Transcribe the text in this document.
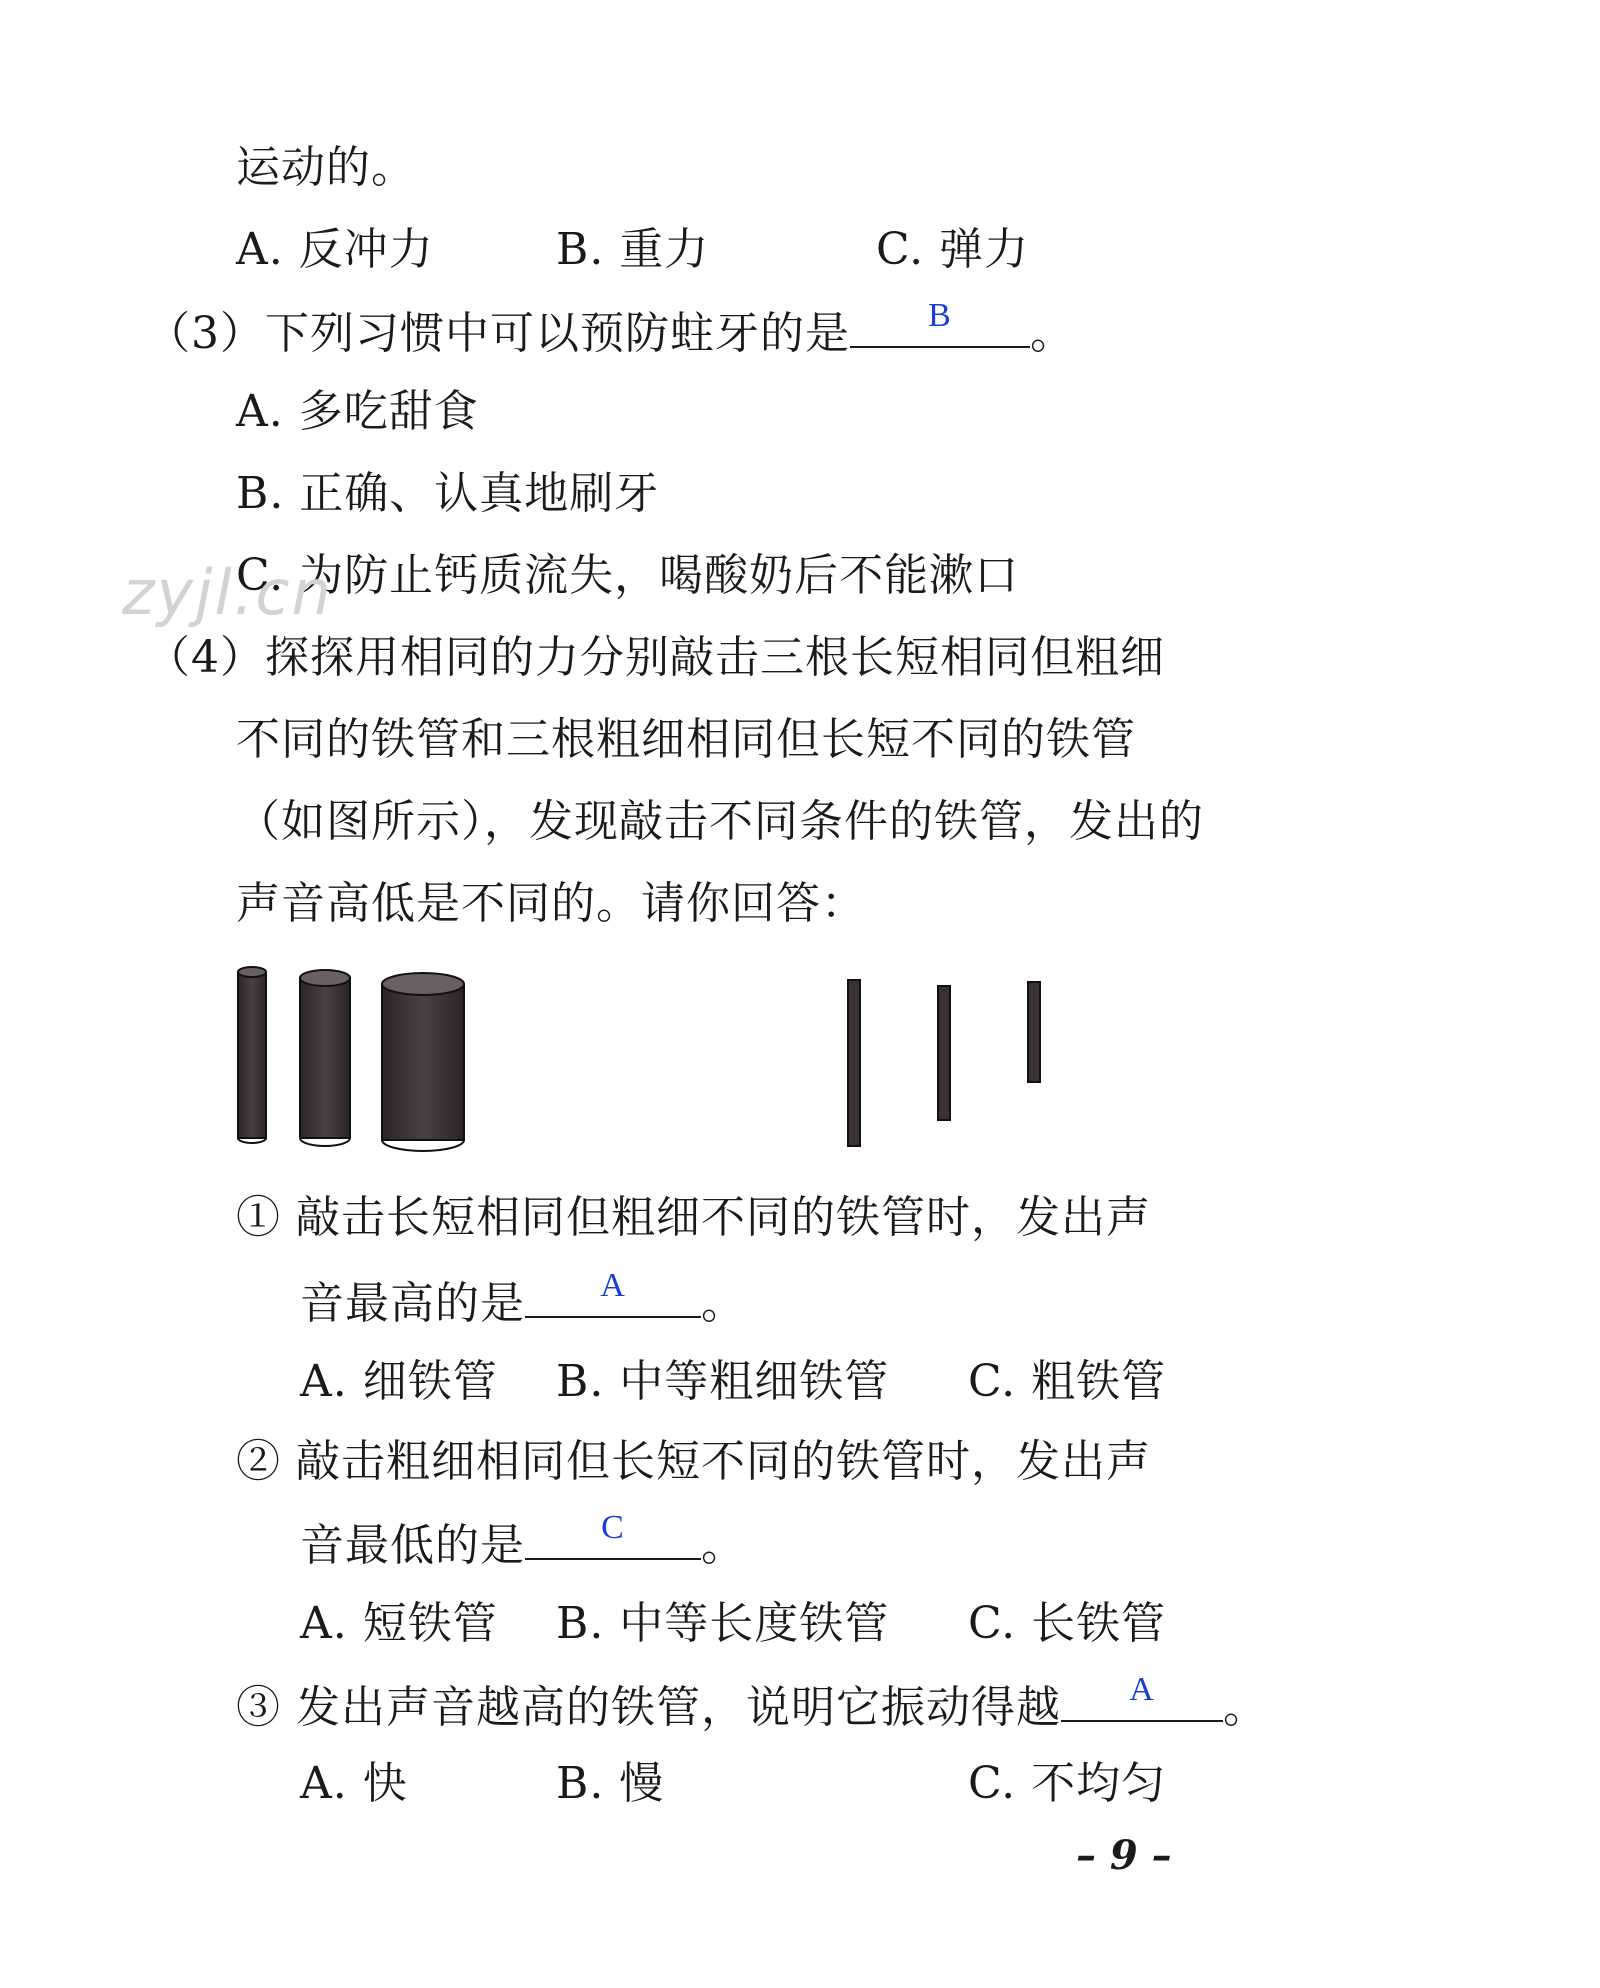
运动的。
A. 反冲力	B. 重力	C. 弹力
（3）下列习惯中可以预防蛀牙的是	B	。
A. 多吃甜食
B. 正确、认真地刷牙
C. 为防止钙质流失，喝酸奶后不能漱口
zyjl.cn
（4）探探用相同的力分别敲击三根长短相同但粗细
不同的铁管和三根粗细相同但长短不同的铁管
（如图所示），发现敲击不同条件的铁管，发出的
声音高低是不同的。请你回答：
① 敲击长短相同但粗细不同的铁管时，发出声
音最高的是	A	。
A. 细铁管 B. 中等粗细铁管 C. 粗铁管
② 敲击粗细相同但长短不同的铁管时，发出声
音最低的是	C	。
A. 短铁管 B. 中等长度铁管 C. 长铁管
③ 发出声音越高的铁管，说明它振动得越	A	。
A. 快	B. 慢	C. 不均匀
– 9 –
